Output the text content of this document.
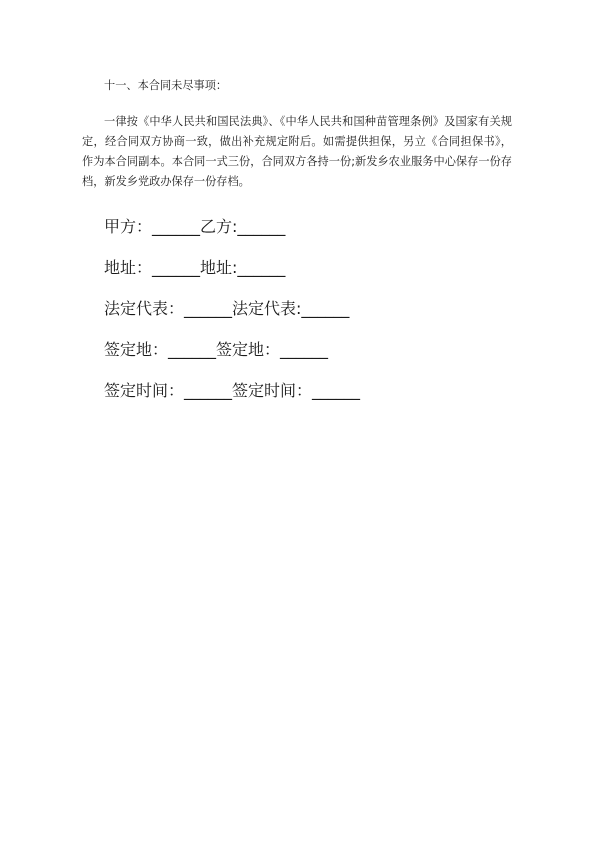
十一、本合同未尽事项：

一律按《中华人民共和国民法典》、《中华人民共和国种苗管理条例》及国家有关规定，经合同双方协商一致，做出补充规定附后。如需提供担保，另立《合同担保书》，作为本合同副本。本合同一式三份，合同双方各持一份;新发乡农业服务中心保存一份存档，新发乡党政办保存一份存档。

甲方：______乙方:______

地址：______地址:______

法定代表：______法定代表:______

签定地：______签定地：______

签定时间：______签定时间：______
